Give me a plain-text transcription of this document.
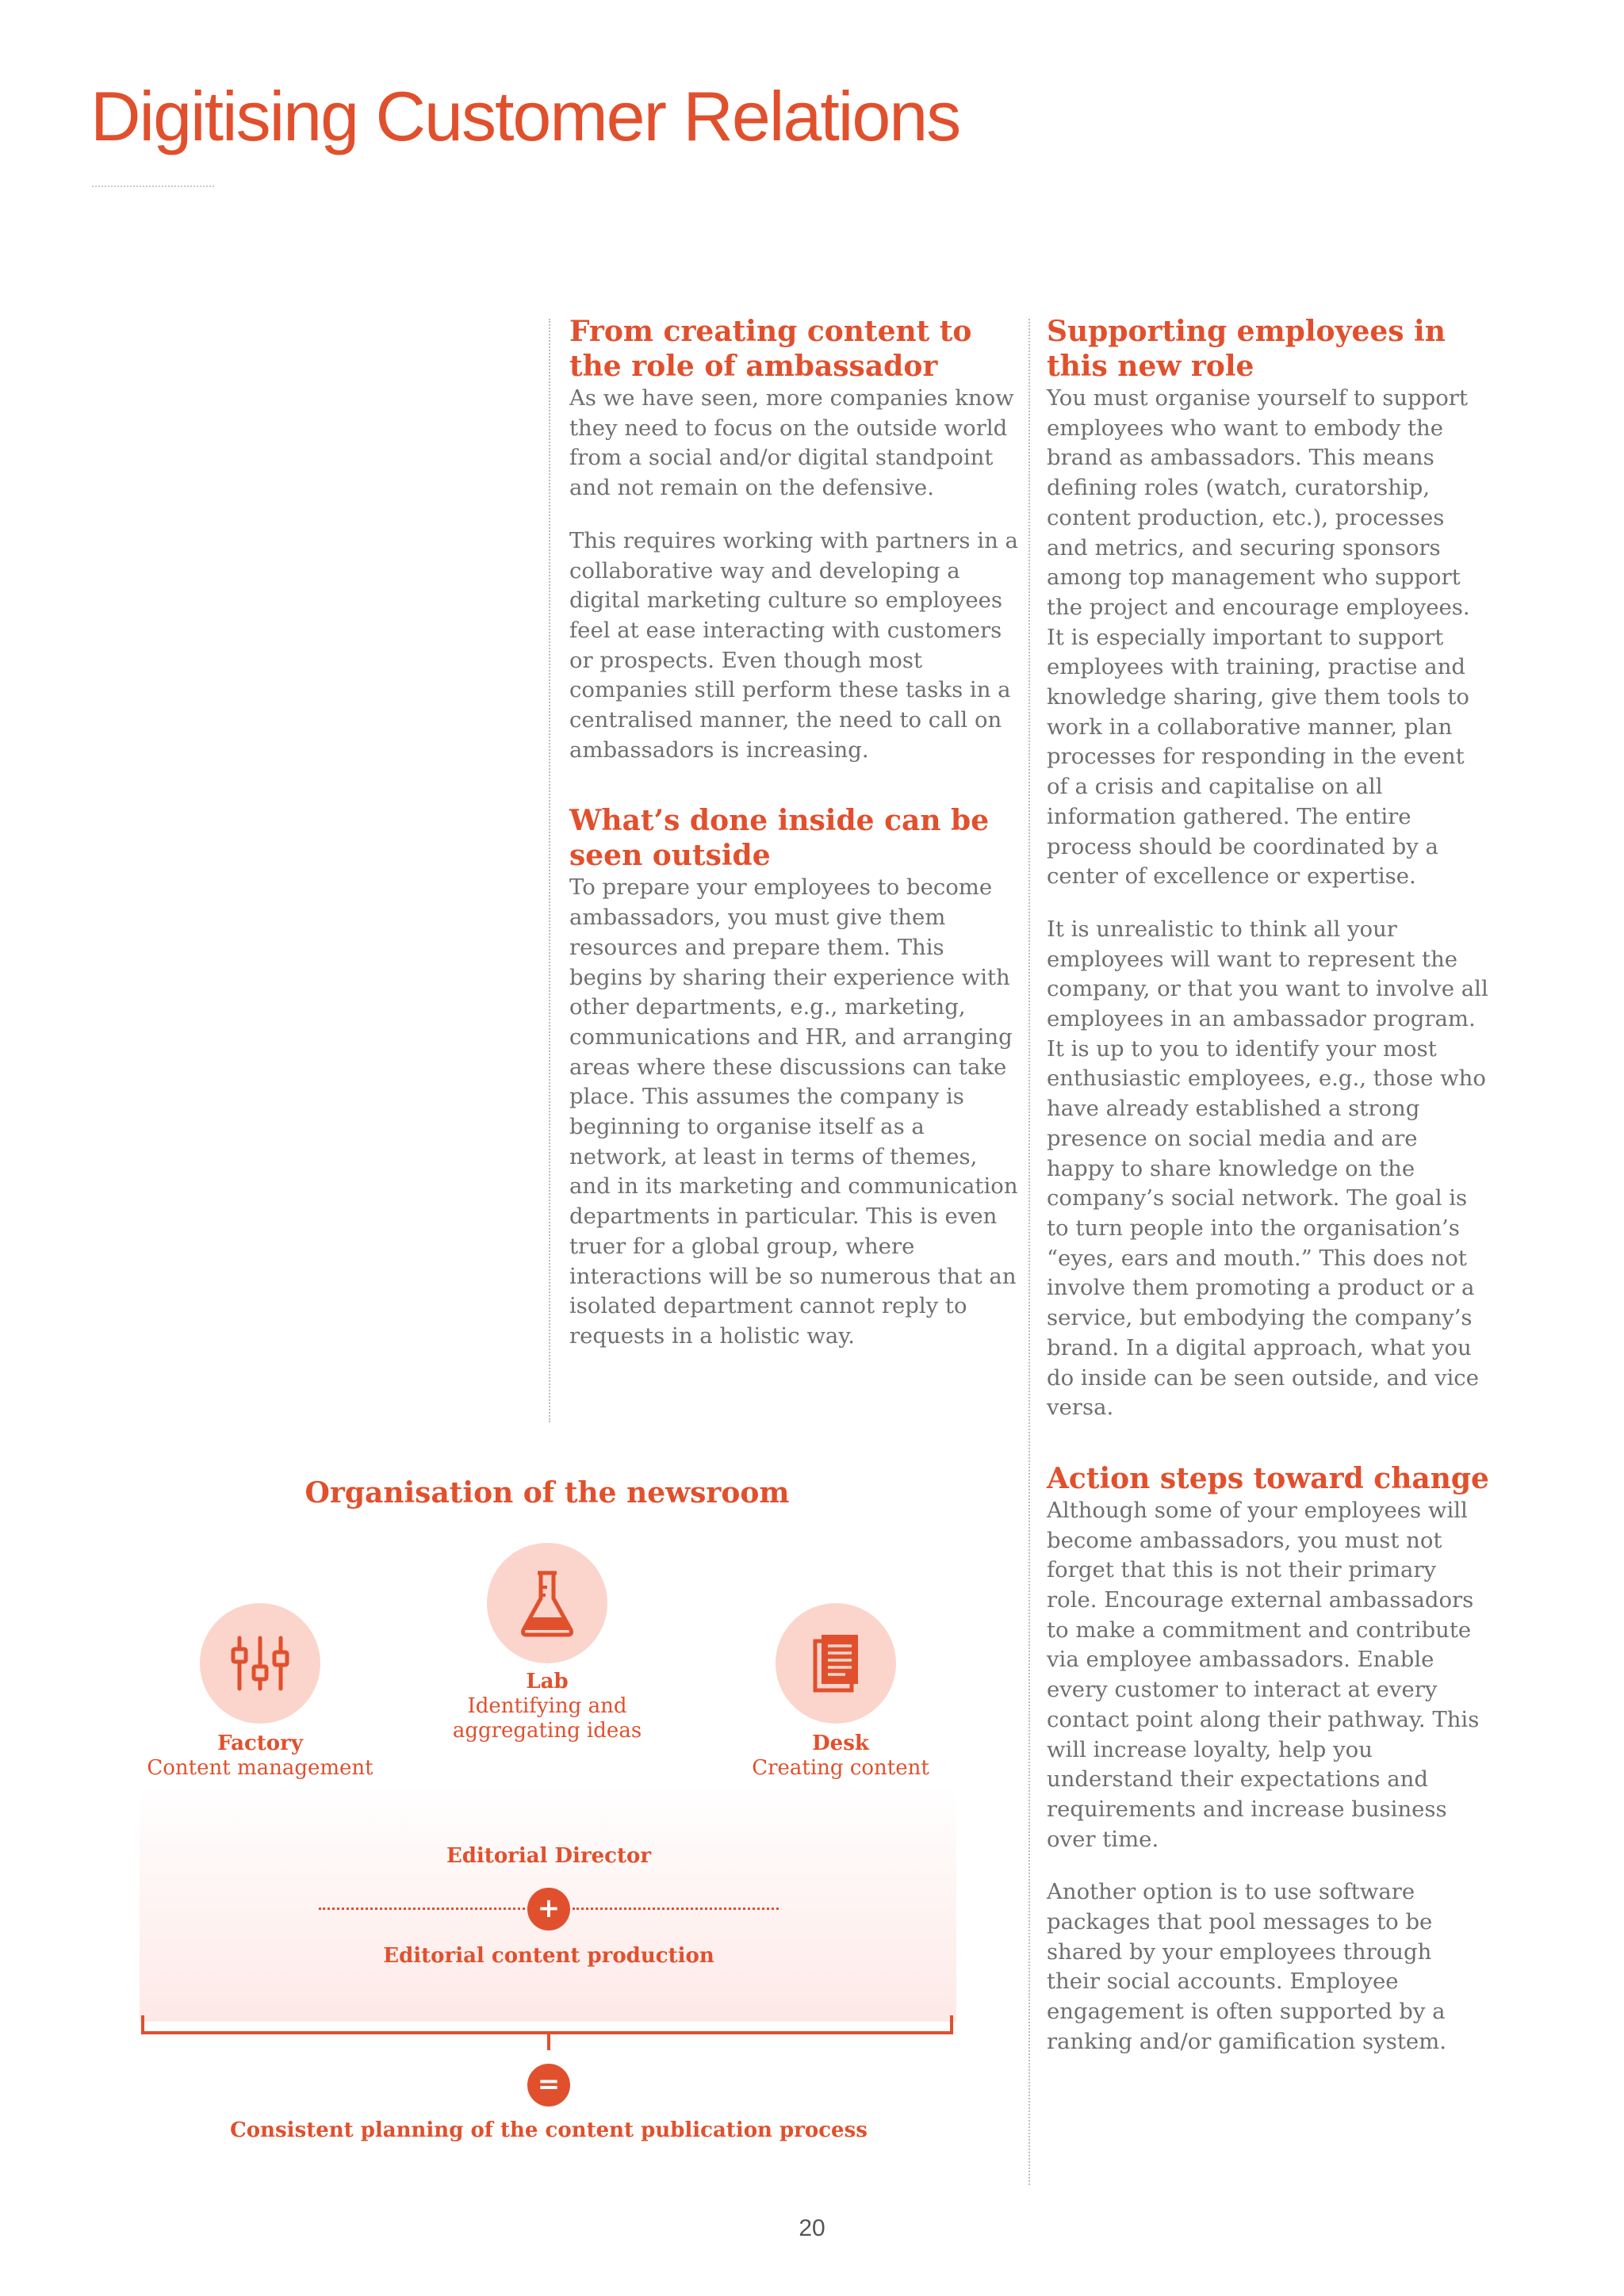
Digitising Customer Relations
From creating content to the role of ambassador

As we have seen, more companies know they need to focus on the outside world from a social and/or digital standpoint and not remain on the defensive.

This requires working with partners in a collaborative way and developing a digital marketing culture so employees feel at ease interacting with customers or prospects. Even though most companies still perform these tasks in a centralised manner, the need to call on ambassadors is increasing.

What’s done inside can be seen outside

To prepare your employees to become ambassadors, you must give them resources and prepare them. This begins by sharing their experience with other departments, e.g., marketing, communications and HR, and arranging areas where these discussions can take place. This assumes the company is beginning to organise itself as a network, at least in terms of themes, and in its marketing and communication departments in particular. This is even truer for a global group, where interactions will be so numerous that an isolated department cannot reply to requests in a holistic way.

Supporting employees in this new role

You must organise yourself to support employees who want to embody the brand as ambassadors. This means defining roles (watch, curatorship, content production, etc.), processes and metrics, and securing sponsors among top management who support the project and encourage employees. It is especially important to support employees with training, practise and knowledge sharing, give them tools to work in a collaborative manner, plan processes for responding in the event of a crisis and capitalise on all information gathered. The entire process should be coordinated by a center of excellence or expertise.

It is unrealistic to think all your employees will want to represent the company, or that you want to involve all employees in an ambassador program. It is up to you to identify your most enthusiastic employees, e.g., those who have already established a strong presence on social media and are happy to share knowledge on the company’s social network. The goal is to turn people into the organisation’s “eyes, ears and mouth.” This does not involve them promoting a product or a service, but embodying the company’s brand. In a digital approach, what you do inside can be seen outside, and vice versa.

Action steps toward change

Although some of your employees will become ambassadors, you must not forget that this is not their primary role. Encourage external ambassadors to make a commitment and contribute via employee ambassadors. Enable every customer to interact at every contact point along their pathway. This will increase loyalty, help you understand their expectations and requirements and increase business over time.

Another option is to use software packages that pool messages to be shared by your employees through their social accounts. Employee engagement is often supported by a ranking and/or gamification system.

Organisation of the newsroom
Factory
Content management
Lab
Identifying and
aggregating ideas
Desk
Creating content
Editorial Director
+
Editorial content production
=
Consistent planning of the content publication process
20
